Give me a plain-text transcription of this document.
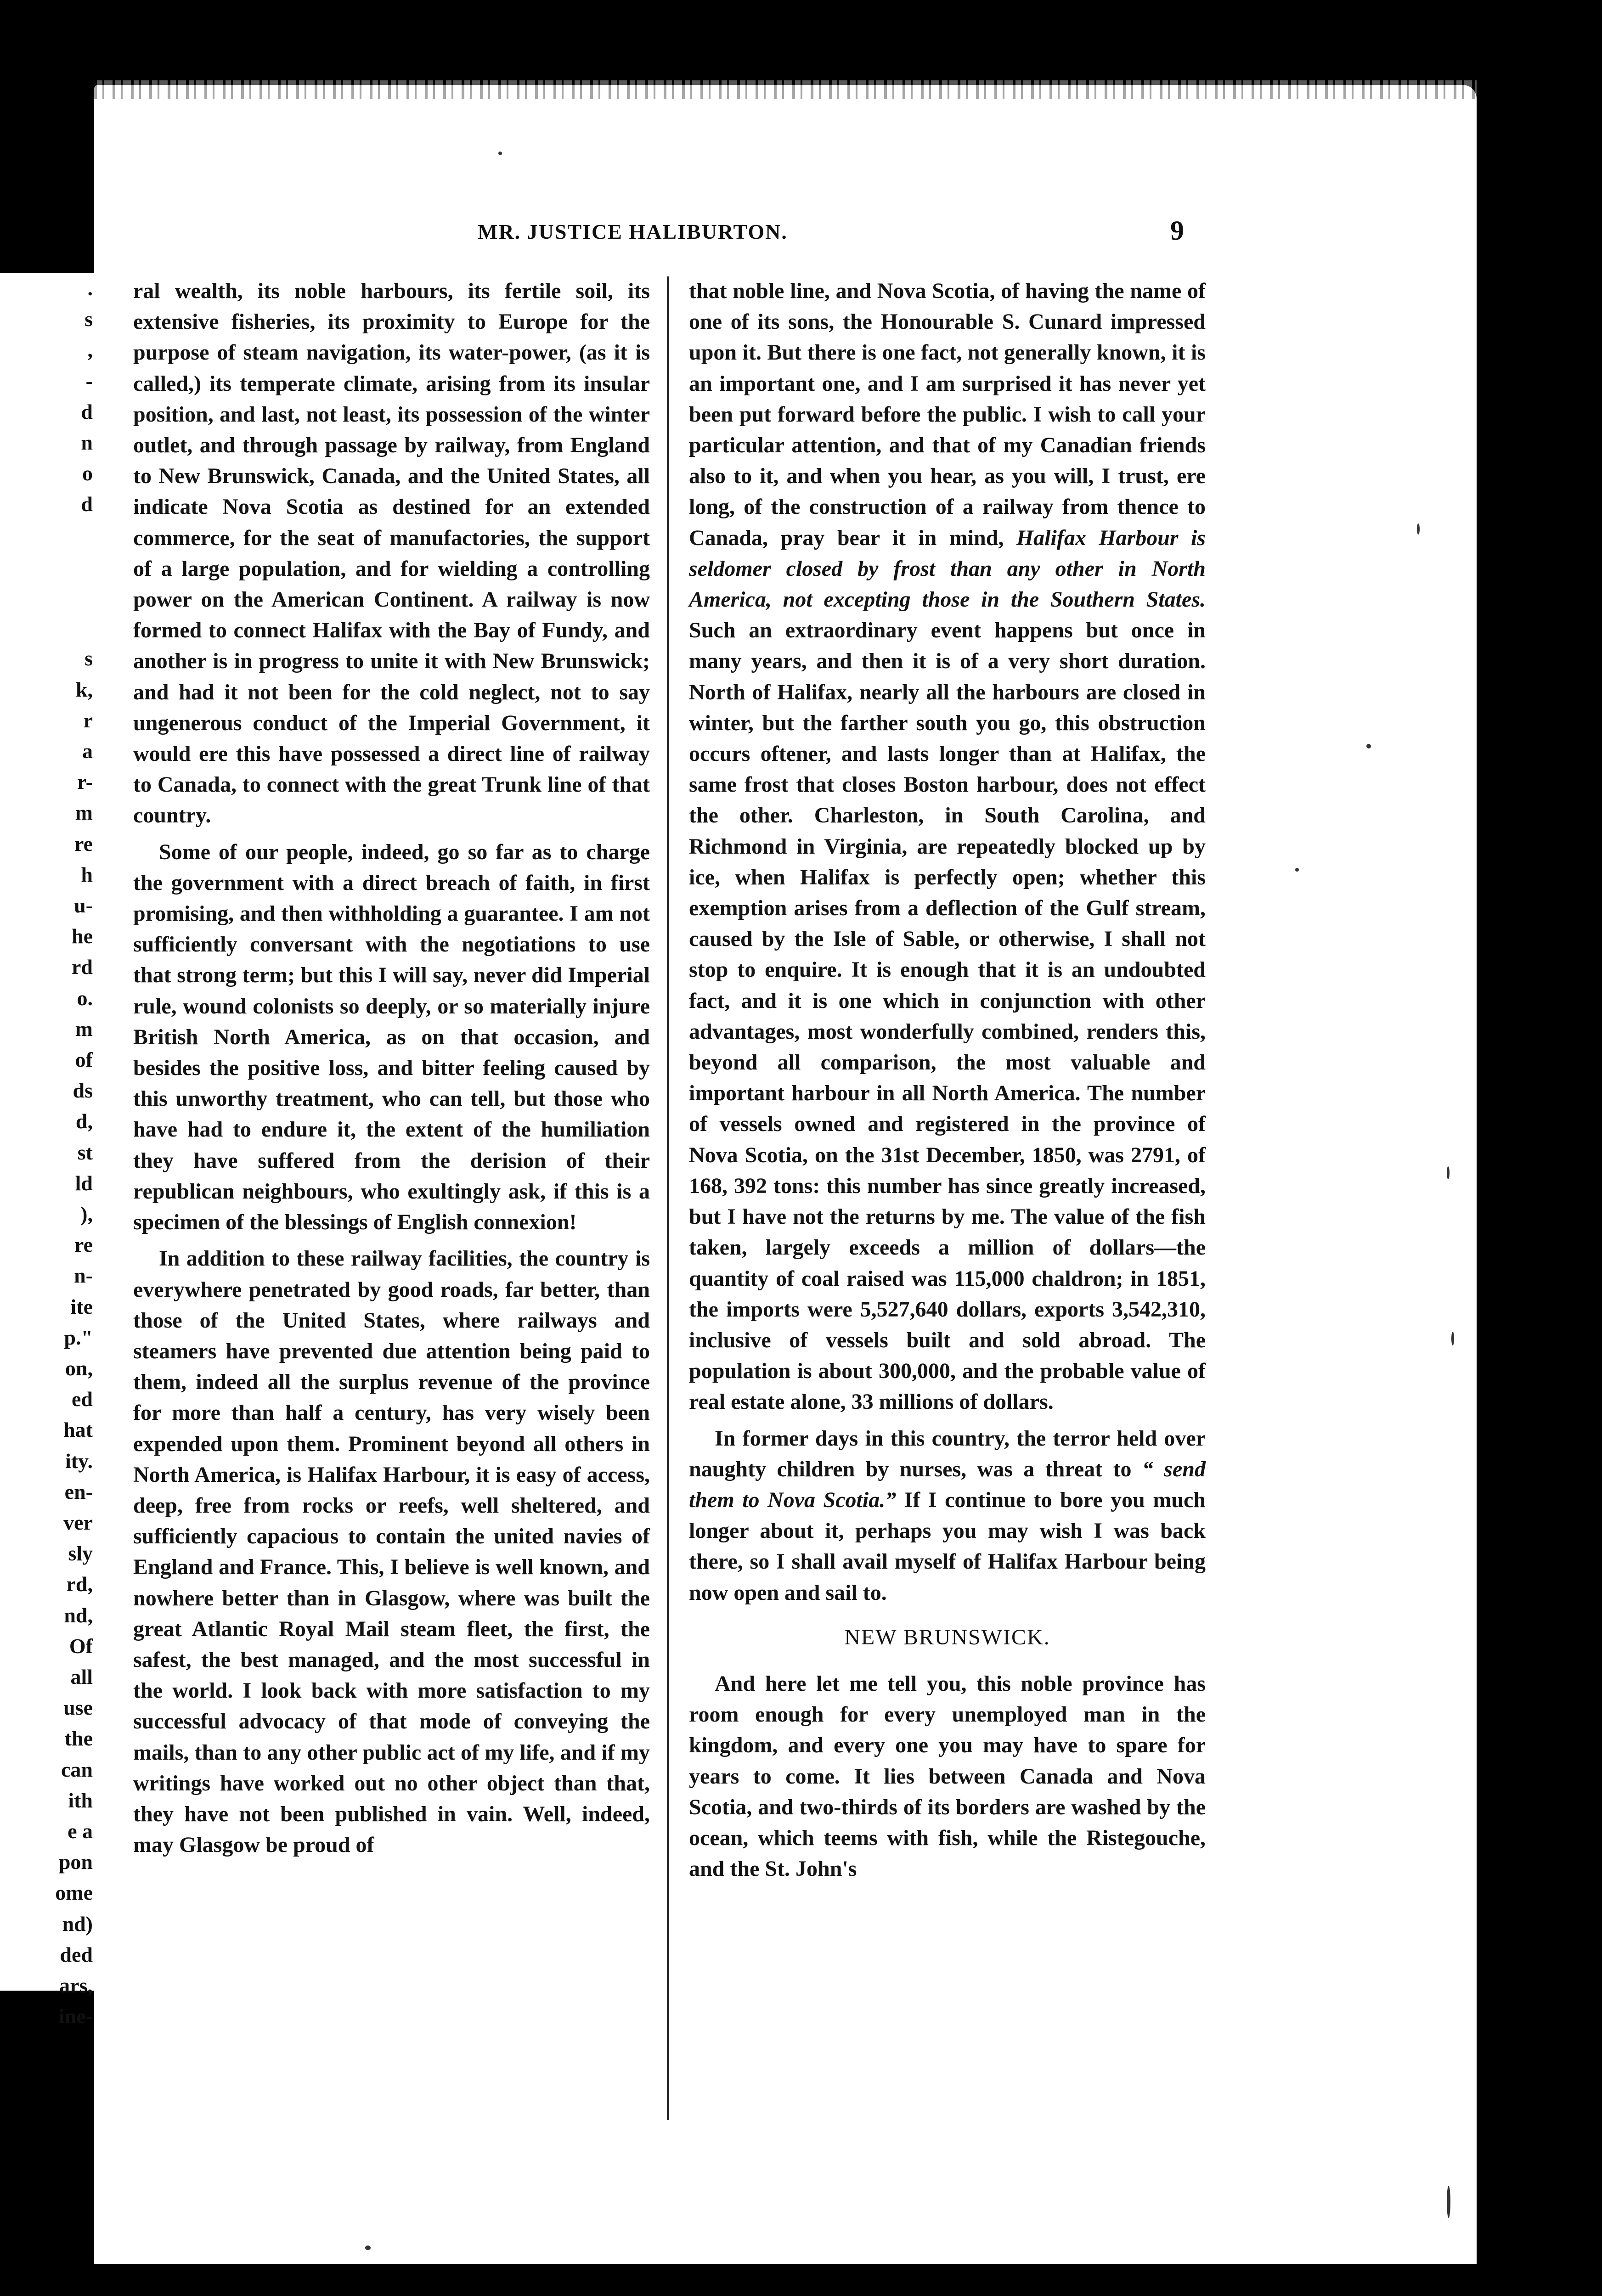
.
s
,
-
d
n
o
d
s
k,
r
a
r-
m
re
h
u-
he
rd
o.
m
of
ds
d,
st
ld
),
re
n-
ite
p."
on,
ed
hat
ity.
en-
ver
sly
rd,
nd,
Of
all
use
the
can
ith
e a
pon
ome
nd)
ded
ars,
ine-
MR. JUSTICE HALIBURTON.	9

ral wealth, its noble harbours, its fertile soil, its extensive fisheries, its proximity to Europe for the purpose of steam navigation, its water-power, (as it is called,) its temperate climate, arising from its insular position, and last, not least, its possession of the winter outlet, and through passage by railway, from England to New Brunswick, Canada, and the United States, all indicate Nova Scotia as destined for an extended commerce, for the seat of manufactories, the support of a large population, and for wielding a controlling power on the American Continent. A railway is now formed to connect Halifax with the Bay of Fundy, and another is in progress to unite it with New Brunswick; and had it not been for the cold neglect, not to say ungenerous conduct of the Imperial Government, it would ere this have possessed a direct line of railway to Canada, to connect with the great Trunk line of that country.

Some of our people, indeed, go so far as to charge the government with a direct breach of faith, in first promising, and then withholding a guarantee. I am not sufficiently conversant with the negotiations to use that strong term; but this I will say, never did Imperial rule, wound colonists so deeply, or so materially injure British North America, as on that occasion, and besides the positive loss, and bitter feeling caused by this unworthy treatment, who can tell, but those who have had to endure it, the extent of the humiliation they have suffered from the derision of their republican neighbours, who exultingly ask, if this is a specimen of the blessings of English connexion!

In addition to these railway facilities, the country is everywhere penetrated by good roads, far better, than those of the United States, where railways and steamers have prevented due attention being paid to them, indeed all the surplus revenue of the province for more than half a century, has very wisely been expended upon them. Prominent beyond all others in North America, is Halifax Harbour, it is easy of access, deep, free from rocks or reefs, well sheltered, and sufficiently capacious to contain the united navies of England and France. This, I believe is well known, and nowhere better than in Glasgow, where was built the great Atlantic Royal Mail steam fleet, the first, the safest, the best managed, and the most successful in the world. I look back with more satisfaction to my successful advocacy of that mode of conveying the mails, than to any other public act of my life, and if my writings have worked out no other object than that, they have not been published in vain. Well, indeed, may Glasgow be proud of

that noble line, and Nova Scotia, of having the name of one of its sons, the Honourable S. Cunard impressed upon it. But there is one fact, not generally known, it is an important one, and I am surprised it has never yet been put forward before the public. I wish to call your particular attention, and that of my Canadian friends also to it, and when you hear, as you will, I trust, ere long, of the construction of a railway from thence to Canada, pray bear it in mind, Halifax Harbour is seldomer closed by frost than any other in North America, not excepting those in the Southern States. Such an extraordinary event happens but once in many years, and then it is of a very short duration. North of Halifax, nearly all the harbours are closed in winter, but the farther south you go, this obstruction occurs oftener, and lasts longer than at Halifax, the same frost that closes Boston harbour, does not effect the other. Charleston, in South Carolina, and Richmond in Virginia, are repeatedly blocked up by ice, when Halifax is perfectly open; whether this exemption arises from a deflection of the Gulf stream, caused by the Isle of Sable, or otherwise, I shall not stop to enquire. It is enough that it is an undoubted fact, and it is one which in conjunction with other advantages, most wonderfully combined, renders this, beyond all comparison, the most valuable and important harbour in all North America. The number of vessels owned and registered in the province of Nova Scotia, on the 31st December, 1850, was 2791, of 168, 392 tons: this number has since greatly increased, but I have not the returns by me. The value of the fish taken, largely exceeds a million of dollars—the quantity of coal raised was 115,000 chaldron; in 1851, the imports were 5,527,640 dollars, exports 3,542,310, inclusive of vessels built and sold abroad. The population is about 300,000, and the probable value of real estate alone, 33 millions of dollars.

In former days in this country, the terror held over naughty children by nurses, was a threat to “ send them to Nova Scotia.” If I continue to bore you much longer about it, perhaps you may wish I was back there, so I shall avail myself of Halifax Harbour being now open and sail to.

NEW BRUNSWICK.

And here let me tell you, this noble province has room enough for every unemployed man in the kingdom, and every one you may have to spare for years to come. It lies between Canada and Nova Scotia, and two-thirds of its borders are washed by the ocean, which teems with fish, while the Ristegouche, and the St. John's
